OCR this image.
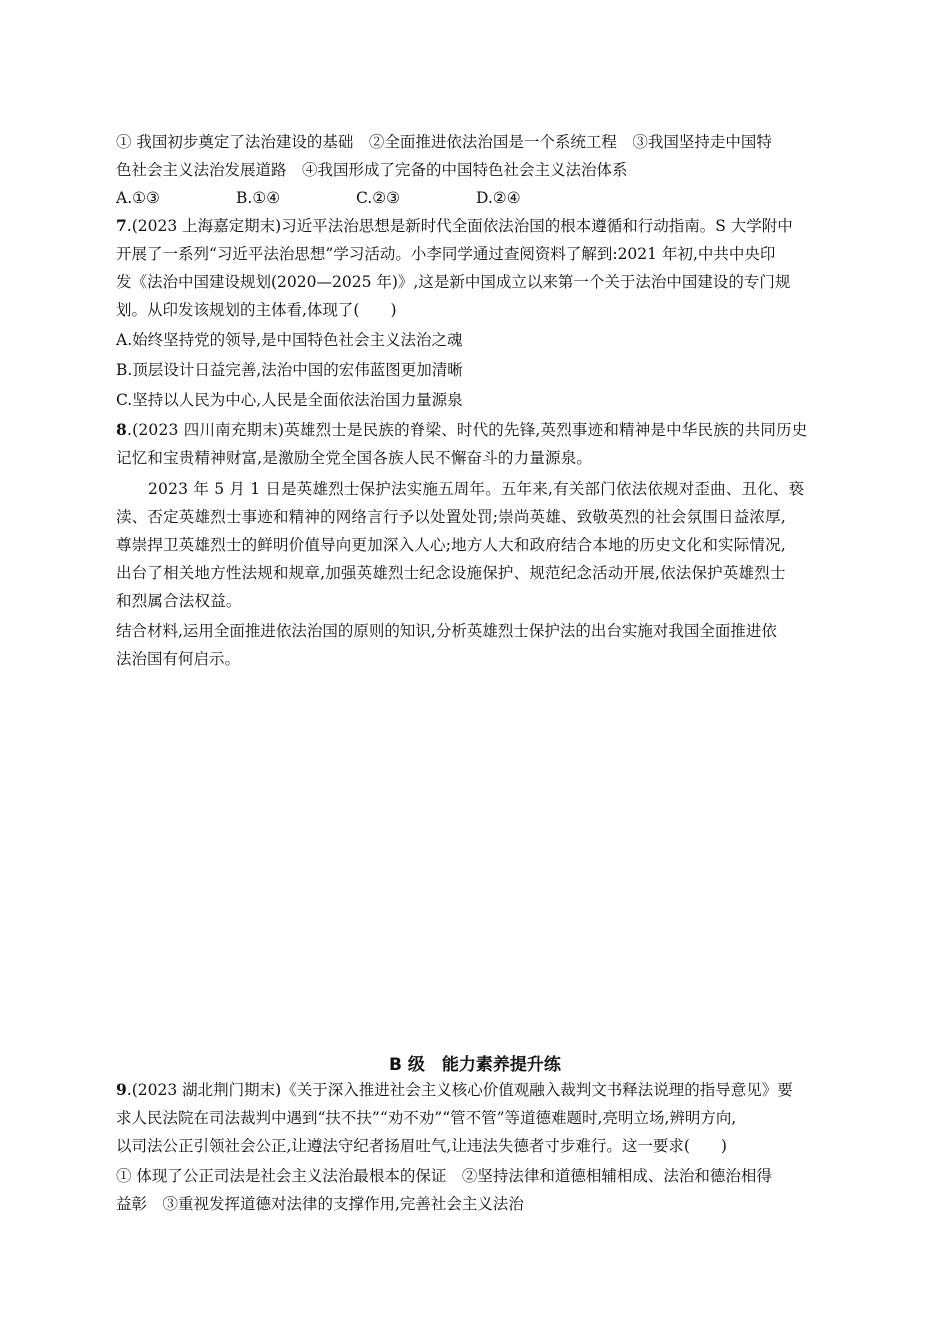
① 我国初步奠定了法治建设的基础　②全面推进依法治国是一个系统工程　③我国坚持走中国特
色社会主义法治发展道路　④我国形成了完备的中国特色社会主义法治体系
A.①③	B.①④	C.②③	D.②④
7.(2023 上海嘉定期末)习近平法治思想是新时代全面依法治国的根本遵循和行动指南。S 大学附中
开展了一系列“习近平法治思想”学习活动。小李同学通过查阅资料了解到:2021 年初,中共中央印
发《法治中国建设规划(2020—2025 年)》,这是新中国成立以来第一个关于法治中国建设的专门规
划。从印发该规划的主体看,体现了(　　)
A.始终坚持党的领导,是中国特色社会主义法治之魂
B.顶层设计日益完善,法治中国的宏伟蓝图更加清晰
C.坚持以人民为中心,人民是全面依法治国力量源泉
8.(2023 四川南充期末)英雄烈士是民族的脊梁、时代的先锋,英烈事迹和精神是中华民族的共同历史
记忆和宝贵精神财富,是激励全党全国各族人民不懈奋斗的力量源泉。
2023 年 5 月 1 日是英雄烈士保护法实施五周年。五年来,有关部门依法依规对歪曲、丑化、亵
渎、否定英雄烈士事迹和精神的网络言行予以处置处罚;崇尚英雄、致敬英烈的社会氛围日益浓厚,
尊崇捍卫英雄烈士的鲜明价值导向更加深入人心;地方人大和政府结合本地的历史文化和实际情况,
出台了相关地方性法规和规章,加强英雄烈士纪念设施保护、规范纪念活动开展,依法保护英雄烈士
和烈属合法权益。
结合材料,运用全面推进依法治国的原则的知识,分析英雄烈士保护法的出台实施对我国全面推进依
法治国有何启示。
B 级　能力素养提升练
9.(2023 湖北荆门期末)《关于深入推进社会主义核心价值观融入裁判文书释法说理的指导意见》要
求人民法院在司法裁判中遇到“扶不扶”“劝不劝”“管不管”等道德难题时,亮明立场,辨明方向,
以司法公正引领社会公正,让遵法守纪者扬眉吐气,让违法失德者寸步难行。这一要求(　　)
① 体现了公正司法是社会主义法治最根本的保证　②坚持法律和道德相辅相成、法治和德治相得
益彰　③重视发挥道德对法律的支撑作用,完善社会主义法治
